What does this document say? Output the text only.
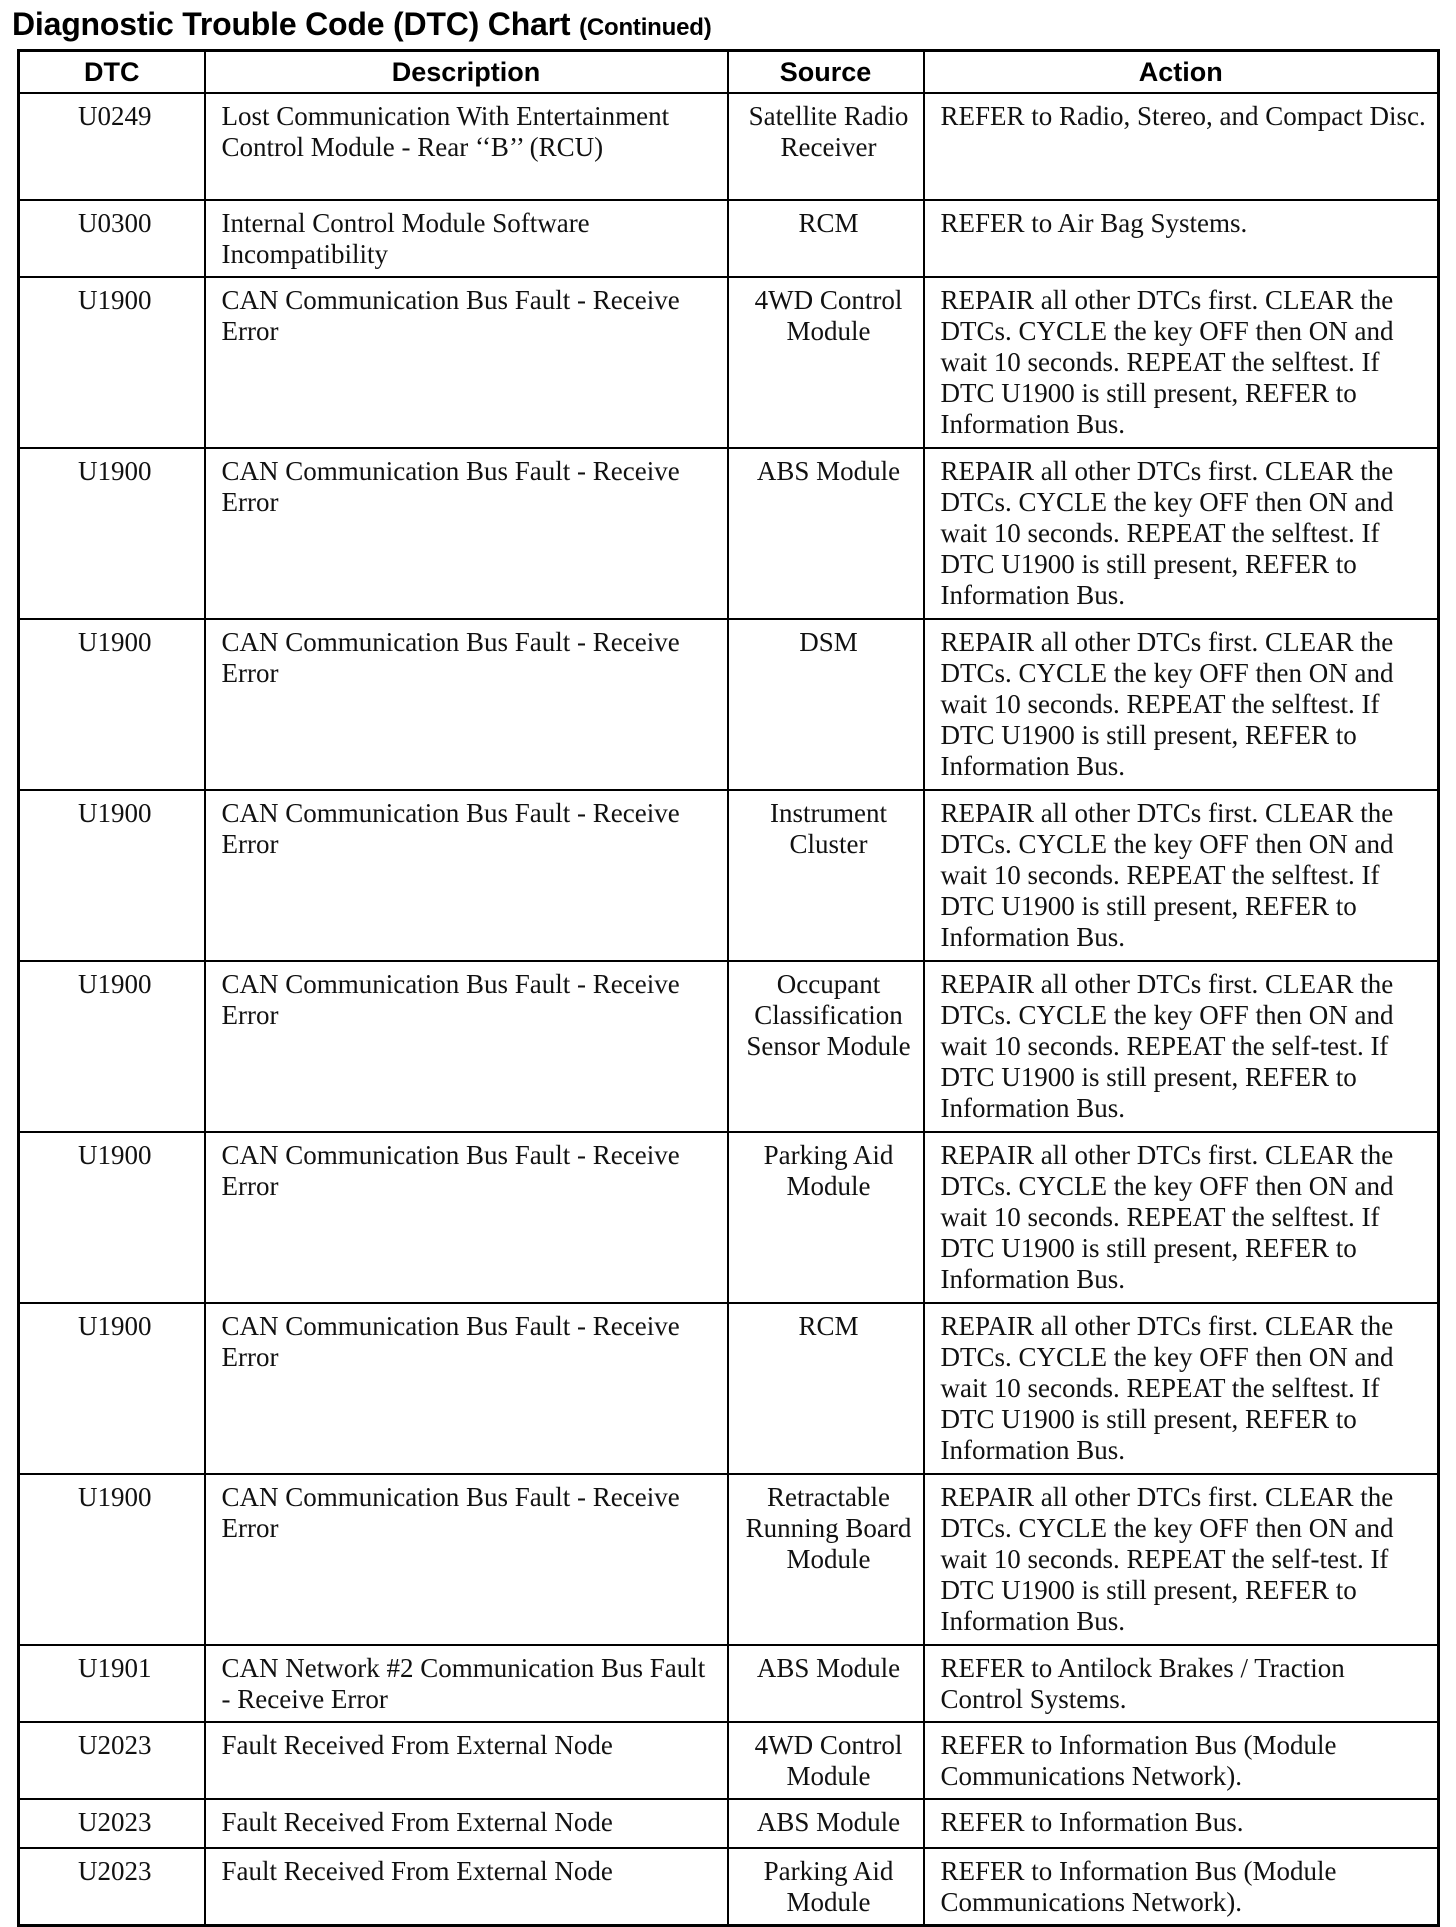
Diagnostic Trouble Code (DTC) Chart (Continued)
DTC	Description	Source	Action
U0249	Lost Communication With Entertainment Control Module - Rear ‘‘B’’ (RCU)	Satellite Radio Receiver	REFER to Radio, Stereo, and Compact Disc.
U0300	Internal Control Module Software Incompatibility	RCM	REFER to Air Bag Systems.
U1900	CAN Communication Bus Fault - Receive Error	4WD Control Module	REPAIR all other DTCs first. CLEAR the DTCs. CYCLE the key OFF then ON and wait 10 seconds. REPEAT the selftest. If DTC U1900 is still present, REFER to Information Bus.
U1900	CAN Communication Bus Fault - Receive Error	ABS Module	REPAIR all other DTCs first. CLEAR the DTCs. CYCLE the key OFF then ON and wait 10 seconds. REPEAT the selftest. If DTC U1900 is still present, REFER to Information Bus.
U1900	CAN Communication Bus Fault - Receive Error	DSM	REPAIR all other DTCs first. CLEAR the DTCs. CYCLE the key OFF then ON and wait 10 seconds. REPEAT the selftest. If DTC U1900 is still present, REFER to Information Bus.
U1900	CAN Communication Bus Fault - Receive Error	Instrument Cluster	REPAIR all other DTCs first. CLEAR the DTCs. CYCLE the key OFF then ON and wait 10 seconds. REPEAT the selftest. If DTC U1900 is still present, REFER to Information Bus.
U1900	CAN Communication Bus Fault - Receive Error	Occupant Classification Sensor Module	REPAIR all other DTCs first. CLEAR the DTCs. CYCLE the key OFF then ON and wait 10 seconds. REPEAT the self-test. If DTC U1900 is still present, REFER to Information Bus.
U1900	CAN Communication Bus Fault - Receive Error	Parking Aid Module	REPAIR all other DTCs first. CLEAR the DTCs. CYCLE the key OFF then ON and wait 10 seconds. REPEAT the selftest. If DTC U1900 is still present, REFER to Information Bus.
U1900	CAN Communication Bus Fault - Receive Error	RCM	REPAIR all other DTCs first. CLEAR the DTCs. CYCLE the key OFF then ON and wait 10 seconds. REPEAT the selftest. If DTC U1900 is still present, REFER to Information Bus.
U1900	CAN Communication Bus Fault - Receive Error	Retractable Running Board Module	REPAIR all other DTCs first. CLEAR the DTCs. CYCLE the key OFF then ON and wait 10 seconds. REPEAT the self-test. If DTC U1900 is still present, REFER to Information Bus.
U1901	CAN Network #2 Communication Bus Fault - Receive Error	ABS Module	REFER to Antilock Brakes / Traction Control Systems.
U2023	Fault Received From External Node	4WD Control Module	REFER to Information Bus (Module Communications Network).
U2023	Fault Received From External Node	ABS Module	REFER to Information Bus.
U2023	Fault Received From External Node	Parking Aid Module	REFER to Information Bus (Module Communications Network).
